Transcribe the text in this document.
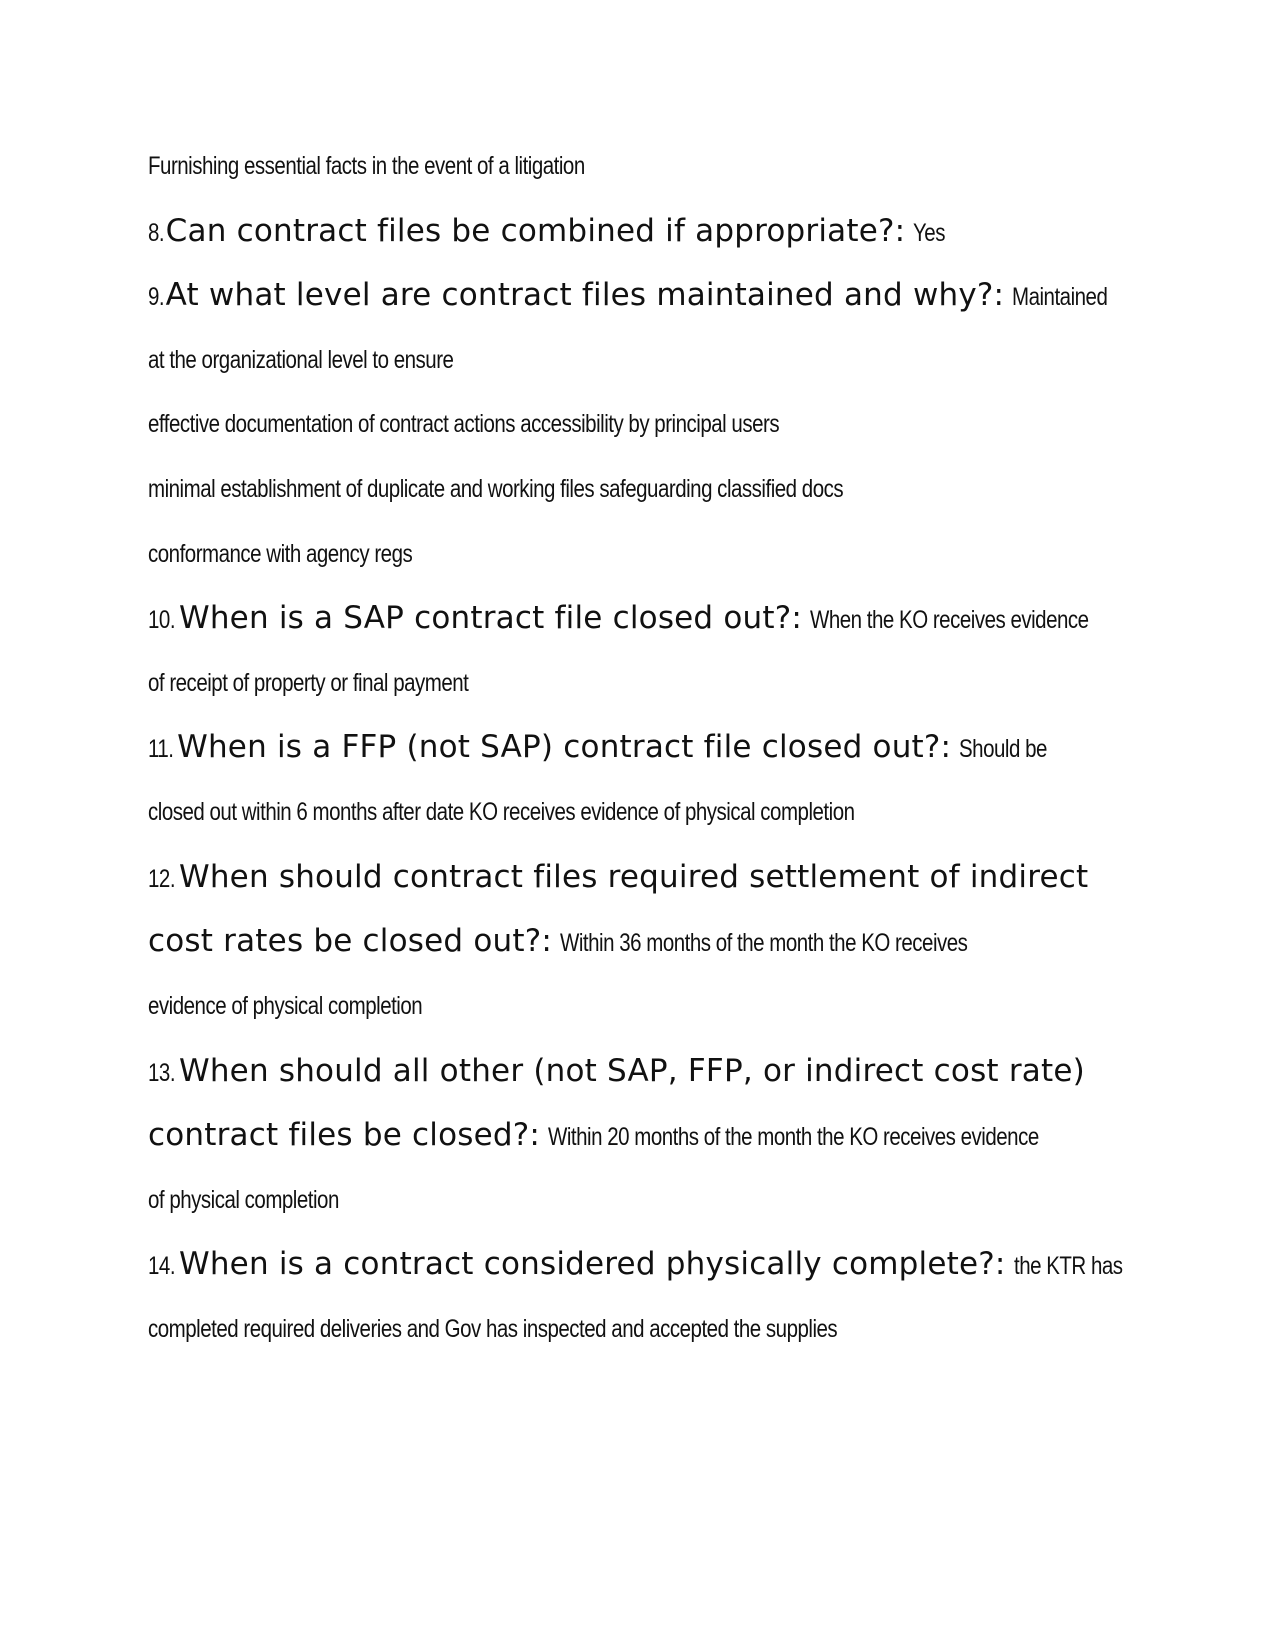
Furnishing essential facts in the event of a litigation
8. Can contract files be combined if appropriate?: Yes
9. At what level are contract files maintained and why?: Maintained
at the organizational level to ensure
effective documentation of contract actions accessibility by principal users
minimal establishment of duplicate and working files safeguarding classified docs
conformance with agency regs
10. When is a SAP contract file closed out?: When the KO receives evidence
of receipt of property or final payment
11. When is a FFP (not SAP) contract file closed out?: Should be
closed out within 6 months after date KO receives evidence of physical completion
12. When should contract files required settlement of indirect
cost rates be closed out?: Within 36 months of the month the KO receives
evidence of physical completion
13. When should all other (not SAP, FFP, or indirect cost rate)
contract files be closed?: Within 20 months of the month the KO receives evidence
of physical completion
14. When is a contract considered physically complete?: the KTR has
completed required deliveries and Gov has inspected and accepted the supplies
